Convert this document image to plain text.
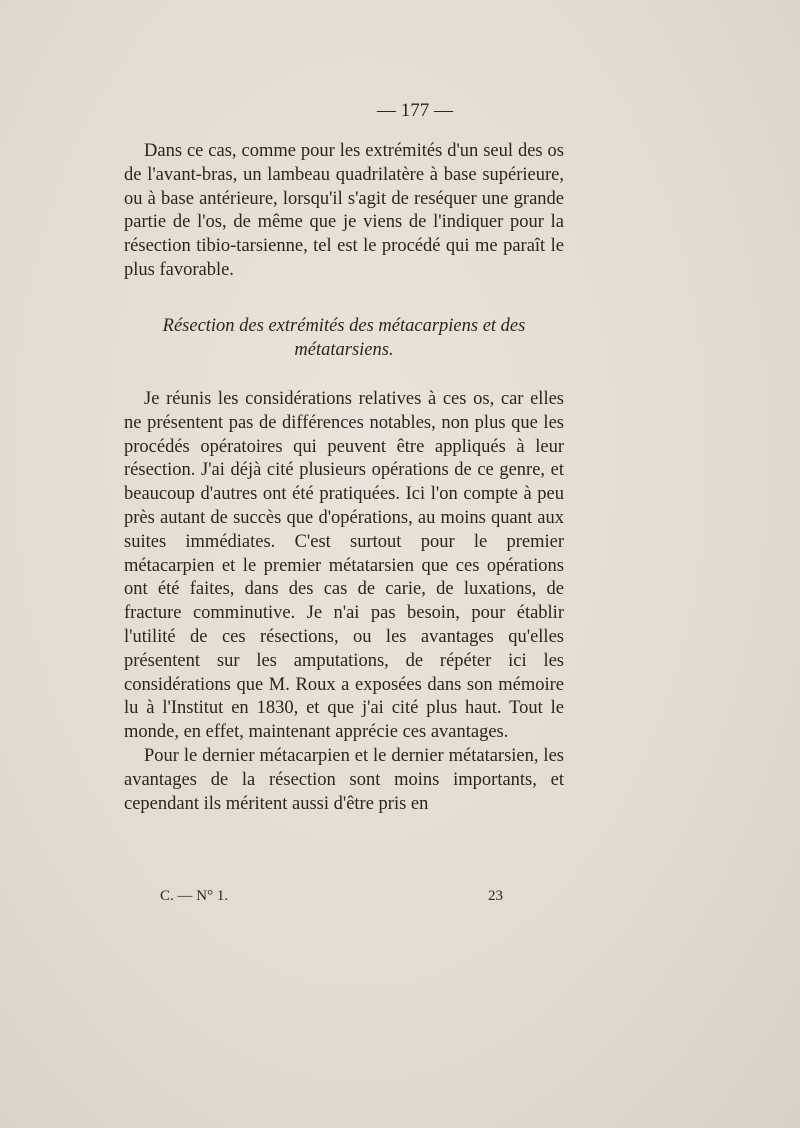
— 177 —

Dans ce cas, comme pour les extrémités d'un seul des os de l'avant-bras, un lambeau quadrilatère à base supérieure, ou à base antérieure, lorsqu'il s'agit de reséquer une grande partie de l'os, de même que je viens de l'indiquer pour la résection tibio-tarsienne, tel est le procédé qui me paraît le plus favorable.

Résection des extrémités des métacarpiens et des métatarsiens.

Je réunis les considérations relatives à ces os, car elles ne présentent pas de différences notables, non plus que les procédés opératoires qui peuvent être appliqués à leur résection. J'ai déjà cité plusieurs opérations de ce genre, et beaucoup d'autres ont été pratiquées. Ici l'on compte à peu près autant de succès que d'opérations, au moins quant aux suites immédiates. C'est surtout pour le premier métacarpien et le premier métatarsien que ces opérations ont été faites, dans des cas de carie, de luxations, de fracture comminutive. Je n'ai pas besoin, pour établir l'utilité de ces résections, ou les avantages qu'elles présentent sur les amputations, de répéter ici les considérations que M. Roux a exposées dans son mémoire lu à l'Institut en 1830, et que j'ai cité plus haut. Tout le monde, en effet, maintenant apprécie ces avantages.

Pour le dernier métacarpien et le dernier métatarsien, les avantages de la résection sont moins importants, et cependant ils méritent aussi d'être pris en

C. — N° 1.	23
